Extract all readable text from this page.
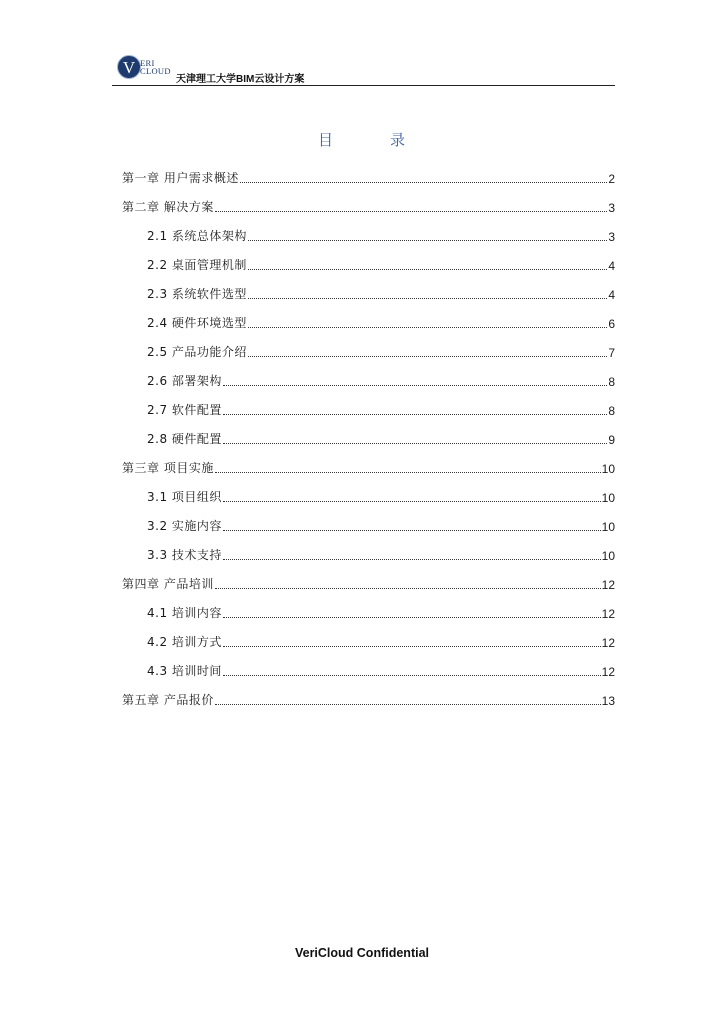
V ERI
CLOUD
天津理工大学BIM云设计方案
目	录
第一章 用户需求概述	2
第二章 解决方案	3
2.1 系统总体架构	3
2.2 桌面管理机制	4
2.3 系统软件选型	4
2.4 硬件环境选型	6
2.5 产品功能介绍	7
2.6 部署架构	8
2.7 软件配置	8
2.8 硬件配置	9
第三章 项目实施	10
3.1 项目组织	10
3.2 实施内容	10
3.3 技术支持	10
第四章 产品培训	12
4.1 培训内容	12
4.2 培训方式	12
4.3 培训时间	12
第五章 产品报价	13
VeriCloud Confidential
